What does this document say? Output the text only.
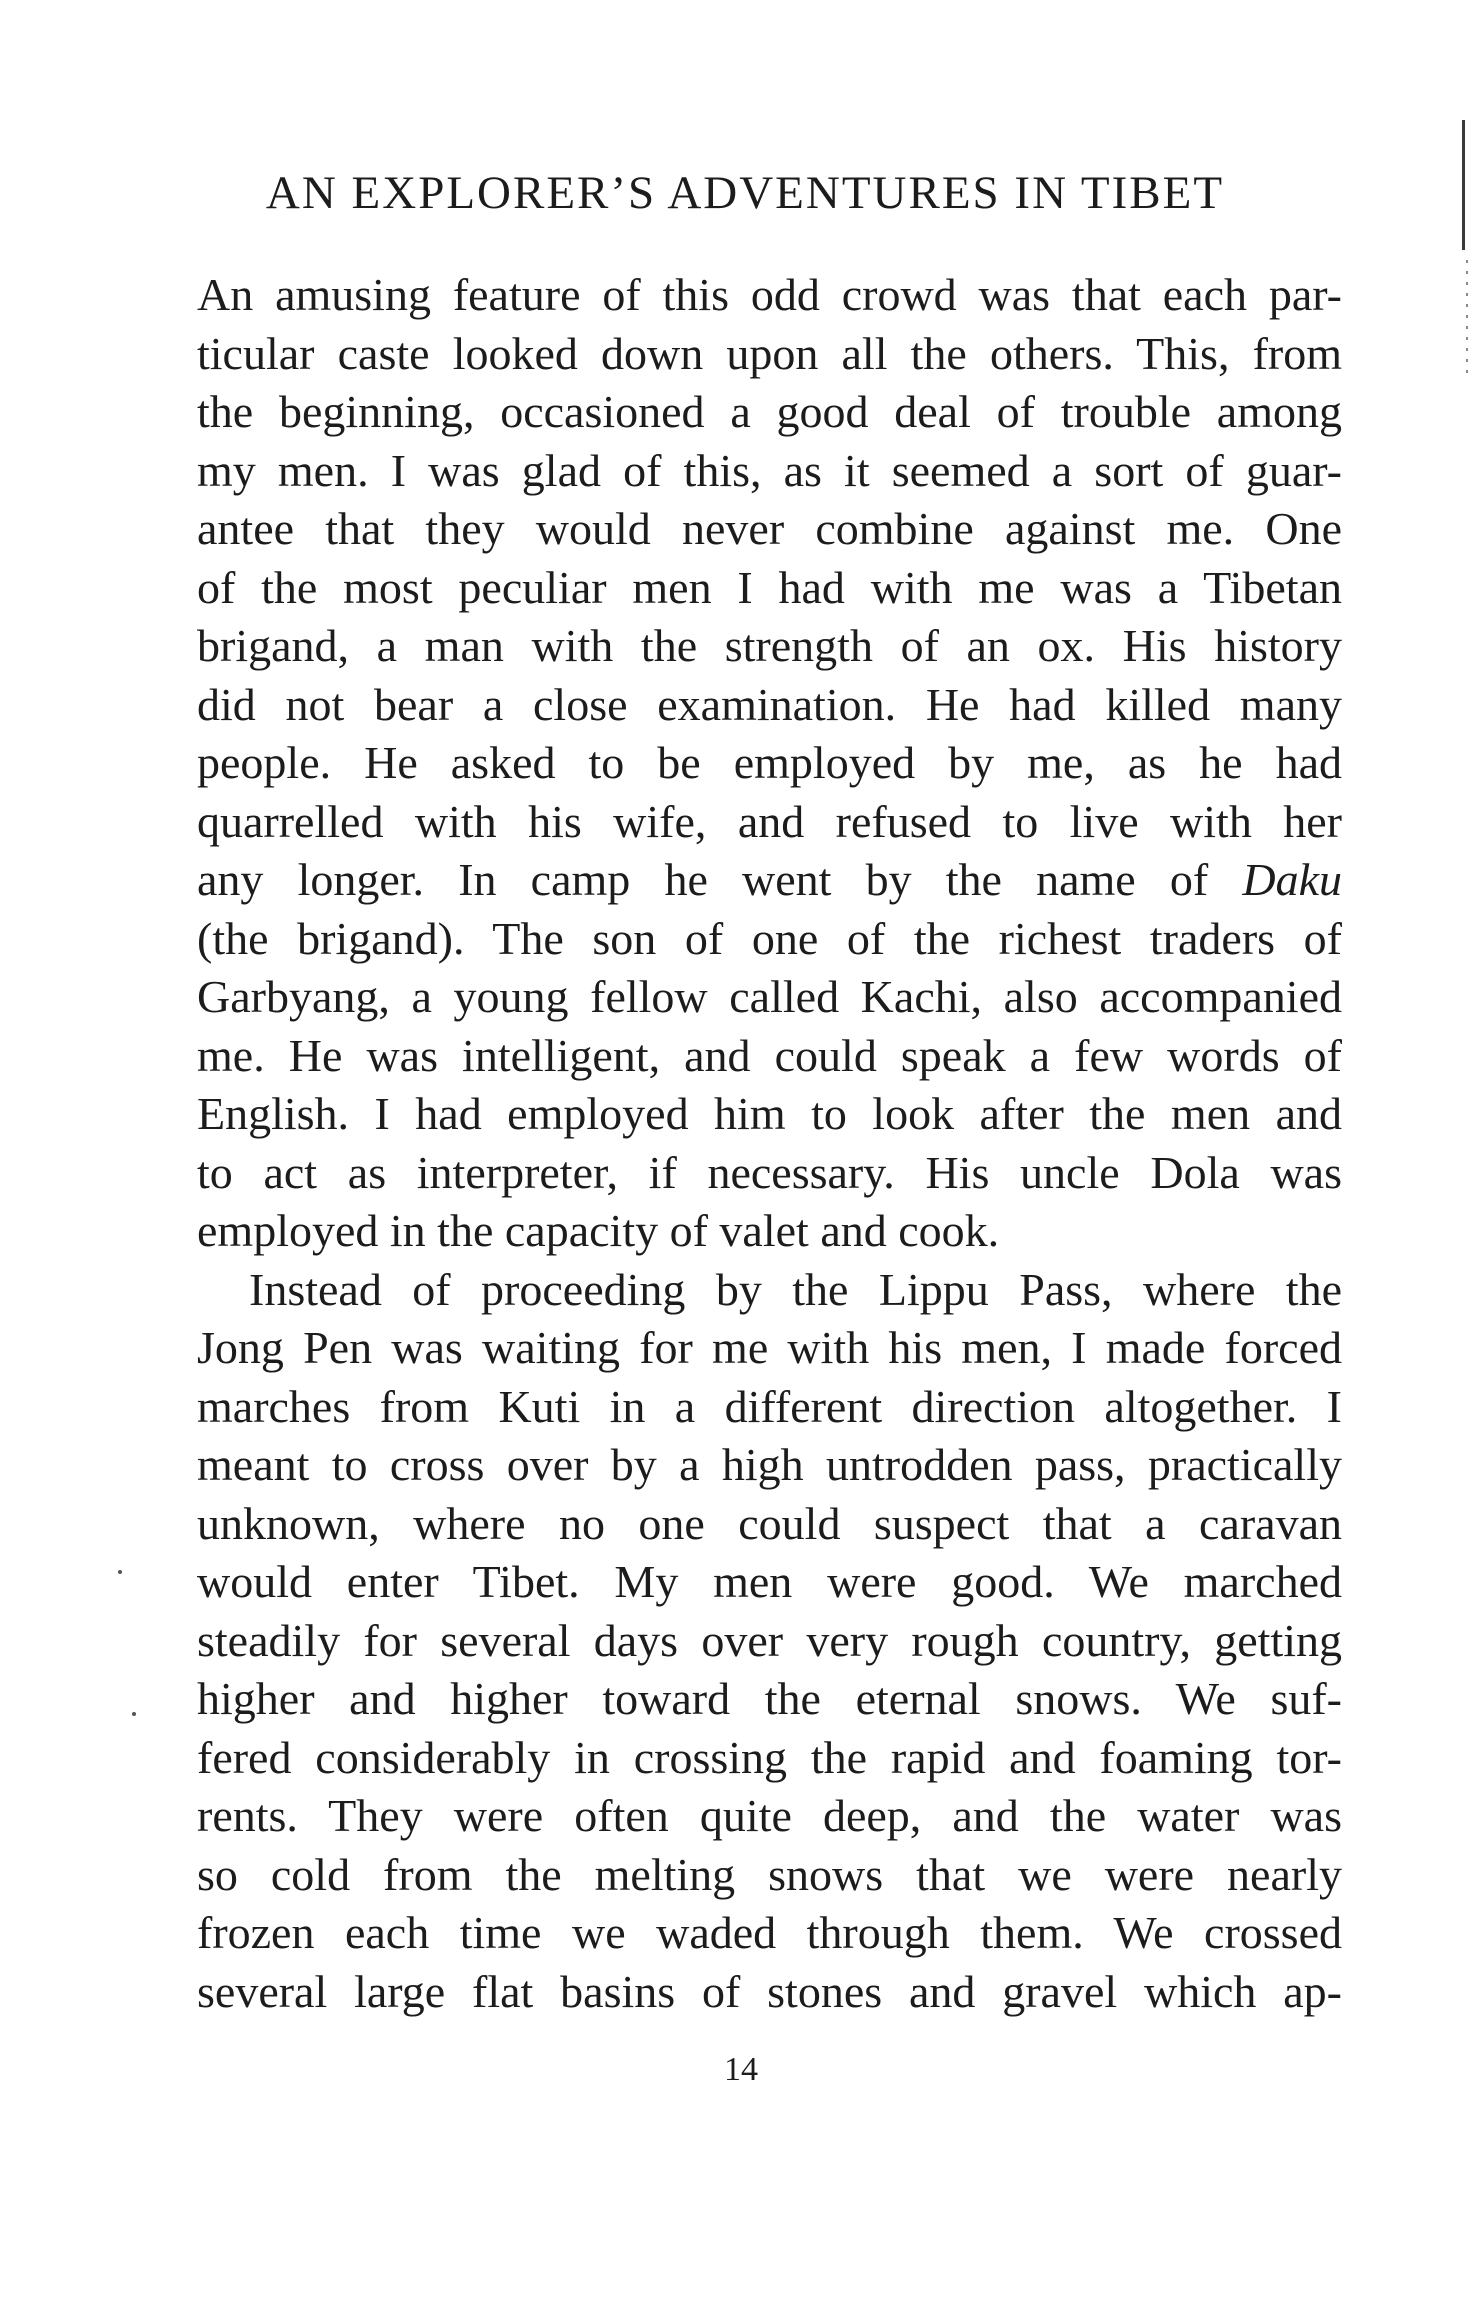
AN EXPLORER’S ADVENTURES IN TIBET
An amusing feature of this odd crowd was that each par-
ticular caste looked down upon all the others. This, from
the beginning, occasioned a good deal of trouble among
my men. I was glad of this, as it seemed a sort of guar-
antee that they would never combine against me. One
of the most peculiar men I had with me was a Tibetan
brigand, a man with the strength of an ox. His history
did not bear a close examination. He had killed many
people. He asked to be employed by me, as he had
quarrelled with his wife, and refused to live with her
any longer. In camp he went by the name of Daku
(the brigand). The son of one of the richest traders of
Garbyang, a young fellow called Kachi, also accompanied
me. He was intelligent, and could speak a few words of
English. I had employed him to look after the men and
to act as interpreter, if necessary. His uncle Dola was
employed in the capacity of valet and cook.
Instead of proceeding by the Lippu Pass, where the
Jong Pen was waiting for me with his men, I made forced
marches from Kuti in a different direction altogether. I
meant to cross over by a high untrodden pass, practically
unknown, where no one could suspect that a caravan
would enter Tibet. My men were good. We marched
steadily for several days over very rough country, getting
higher and higher toward the eternal snows. We suf-
fered considerably in crossing the rapid and foaming tor-
rents. They were often quite deep, and the water was
so cold from the melting snows that we were nearly
frozen each time we waded through them. We crossed
several large flat basins of stones and gravel which ap-
14
